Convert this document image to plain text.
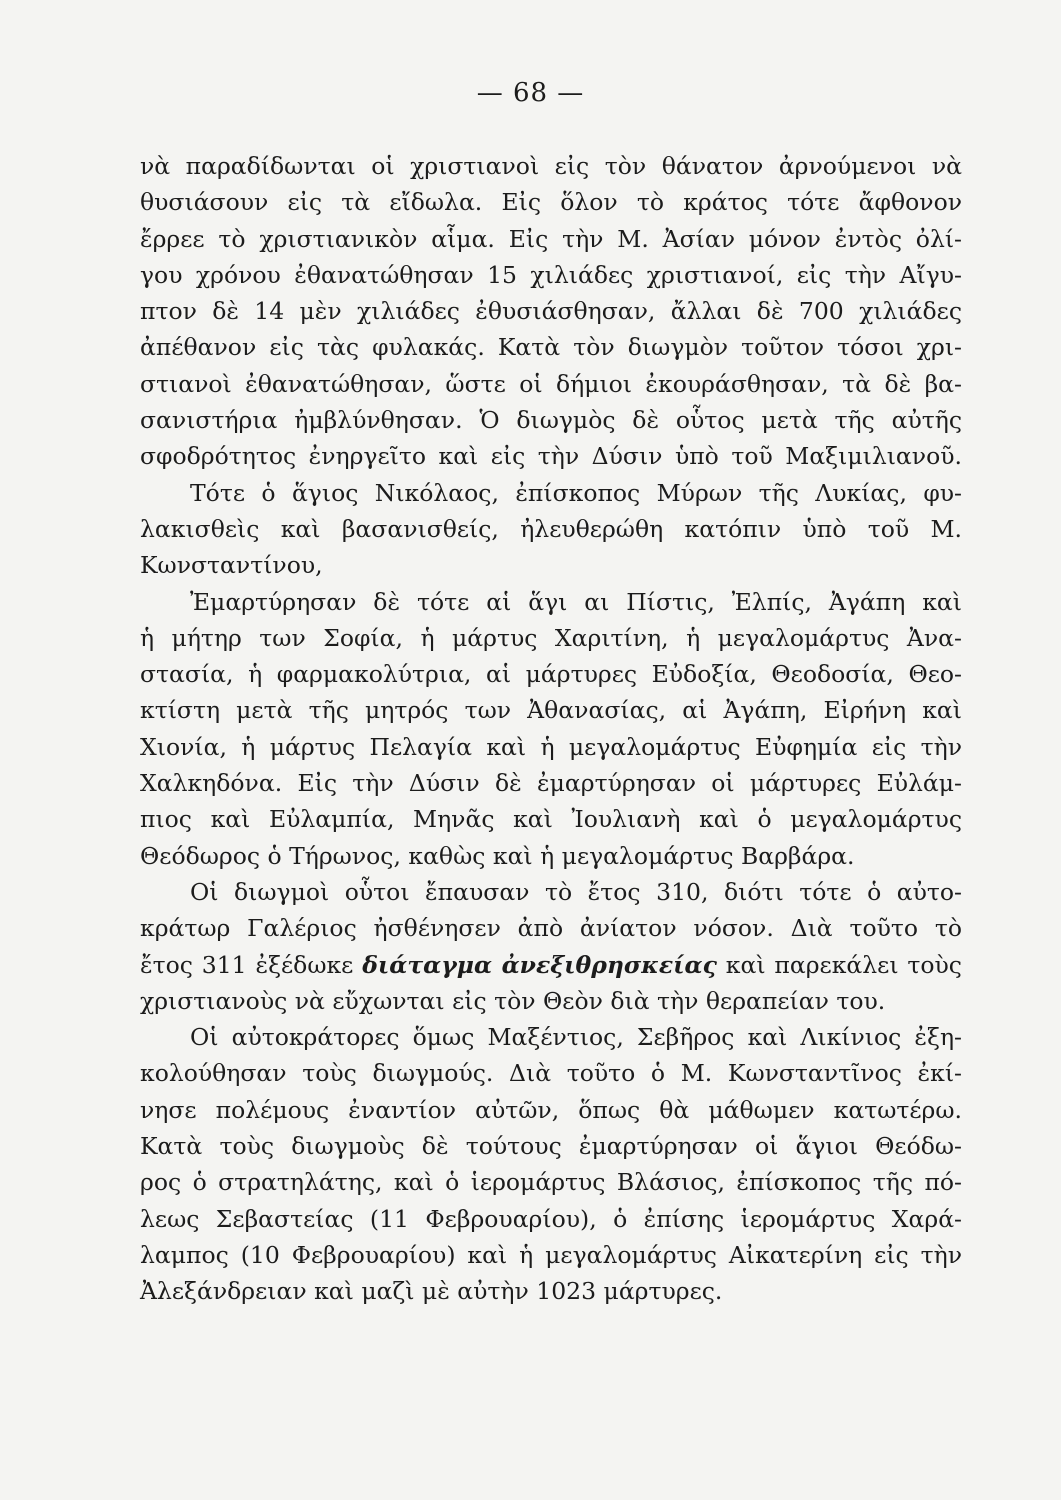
— 68 —
νὰ παραδίδωνται οἱ χριστιανοὶ εἰς τὸν θάνατον ἀρνούμενοι νὰ
θυσιάσουν εἰς τὰ εἴδωλα. Εἰς ὅλον τὸ κράτος τότε ἄφθονον
ἔρρεε τὸ χριστιανικὸν αἷμα. Εἰς τὴν Μ. Ἀσίαν μόνον ἐντὸς ὀλί-
γου χρόνου ἐθανατώθησαν 15 χιλιάδες χριστιανοί, εἰς τὴν Αἴγυ-
πτον δὲ 14 μὲν χιλιάδες ἐθυσιάσθησαν, ἄλλαι δὲ 700 χιλιάδες
ἀπέθανον εἰς τὰς φυλακάς. Κατὰ τὸν διωγμὸν τοῦτον τόσοι χρι-
στιανοὶ ἐθανατώθησαν, ὥστε οἱ δήμιοι ἐκουράσθησαν, τὰ δὲ βα-
σανιστήρια ἠμβλύνθησαν. Ὁ διωγμὸς δὲ οὗτος μετὰ τῆς αὐτῆς
σφοδρότητος ἐνηργεῖτο καὶ εἰς τὴν Δύσιν ὑπὸ τοῦ Μαξιμιλιανοῦ.
Τότε ὁ ἅγιος Νικόλαος, ἐπίσκοπος Μύρων τῆς Λυκίας, φυ-
λακισθεὶς καὶ βασανισθείς, ἠλευθερώθη κατόπιν ὑπὸ τοῦ Μ.
Κωνσταντίνου,
Ἐμαρτύρησαν δὲ τότε αἱ ἅγι αι Πίστις, Ἐλπίς, Ἀγάπη καὶ
ἡ μήτηρ των Σοφία, ἡ μάρτυς Χαριτίνη, ἡ μεγαλομάρτυς Ἀνα-
στασία, ἡ φαρμακολύτρια, αἱ μάρτυρες Εὐδοξία, Θεοδοσία, Θεο-
κτίστη μετὰ τῆς μητρός των Ἀθανασίας, αἱ Ἀγάπη, Εἰρήνη καὶ
Χιονία, ἡ μάρτυς Πελαγία καὶ ἡ μεγαλομάρτυς Εὐφημία εἰς τὴν
Χαλκηδόνα. Εἰς τὴν Δύσιν δὲ ἐμαρτύρησαν οἱ μάρτυρες Εὐλάμ-
πιος καὶ Εὐλαμπία, Μηνᾶς καὶ Ἰουλιανὴ καὶ ὁ μεγαλομάρτυς
Θεόδωρος ὁ Τήρωνος, καθὼς καὶ ἡ μεγαλομάρτυς Βαρβάρα.
Οἱ διωγμοὶ οὗτοι ἔπαυσαν τὸ ἔτος 310, διότι τότε ὁ αὐτο-
κράτωρ Γαλέριος ἠσθένησεν ἀπὸ ἀνίατον νόσον. Διὰ τοῦτο τὸ
ἔτος 311 ἐξέδωκε διάταγμα ἀνεξιθρησκείας καὶ παρεκάλει τοὺς
χριστιανοὺς νὰ εὔχωνται εἰς τὸν Θεὸν διὰ τὴν θεραπείαν του.
Οἱ αὐτοκράτορες ὅμως Μαξέντιος, Σεβῆρος καὶ Λικίνιος ἐξη-
κολούθησαν τοὺς διωγμούς. Διὰ τοῦτο ὁ Μ. Κωνσταντῖνος ἐκί-
νησε πολέμους ἐναντίον αὐτῶν, ὅπως θὰ μάθωμεν κατωτέρω.
Κατὰ τοὺς διωγμοὺς δὲ τούτους ἐμαρτύρησαν οἱ ἅγιοι Θεόδω-
ρος ὁ στρατηλάτης, καὶ ὁ ἱερομάρτυς Βλάσιος, ἐπίσκοπος τῆς πό-
λεως Σεβαστείας (11 Φεβρουαρίου), ὁ ἐπίσης ἱερομάρτυς Χαρά-
λαμπος (10 Φεβρουαρίου) καὶ ἡ μεγαλομάρτυς Αἰκατερίνη εἰς τὴν
Ἀλεξάνδρειαν καὶ μαζὶ μὲ αὐτὴν 1023 μάρτυρες.
